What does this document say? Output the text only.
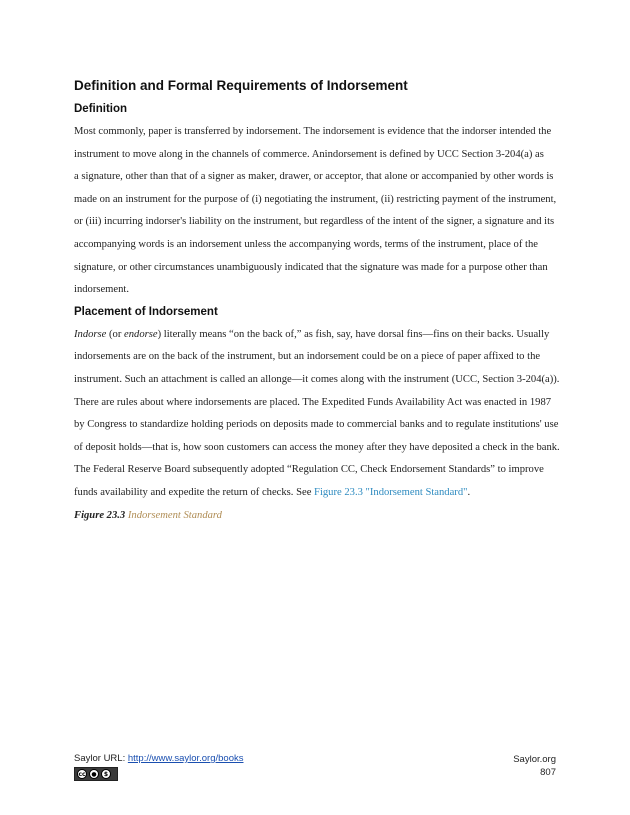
Definition and Formal Requirements of Indorsement
Definition

Most commonly, paper is transferred by indorsement. The indorsement is evidence that the indorser intended the instrument to move along in the channels of commerce. Anindorsement is defined by UCC Section 3-204(a) as

a signature, other than that of a signer as maker, drawer, or acceptor, that alone or accompanied by other words is made on an instrument for the purpose of (i) negotiating the instrument, (ii) restricting payment of the instrument, or (iii) incurring indorser's liability on the instrument, but regardless of the intent of the signer, a signature and its accompanying words is an indorsement unless the accompanying words, terms of the instrument, place of the signature, or other circumstances unambiguously indicated that the signature was made for a purpose other than indorsement.

Placement of Indorsement

Indorse (or endorse) literally means “on the back of,” as fish, say, have dorsal fins—fins on their backs. Usually indorsements are on the back of the instrument, but an indorsement could be on a piece of paper affixed to the instrument. Such an attachment is called an allonge—it comes along with the instrument (UCC, Section 3-204(a)).

There are rules about where indorsements are placed. The Expedited Funds Availability Act was enacted in 1987 by Congress to standardize holding periods on deposits made to commercial banks and to regulate institutions' use of deposit holds—that is, how soon customers can access the money after they have deposited a check in the bank. The Federal Reserve Board subsequently adopted “Regulation CC, Check Endorsement Standards” to improve funds availability and expedite the return of checks. See Figure 23.3 "Indorsement Standard".

Figure 23.3 Indorsement Standard

Saylor URL: http://www.saylor.org/books
cc ●	$
Saylor.org
807
